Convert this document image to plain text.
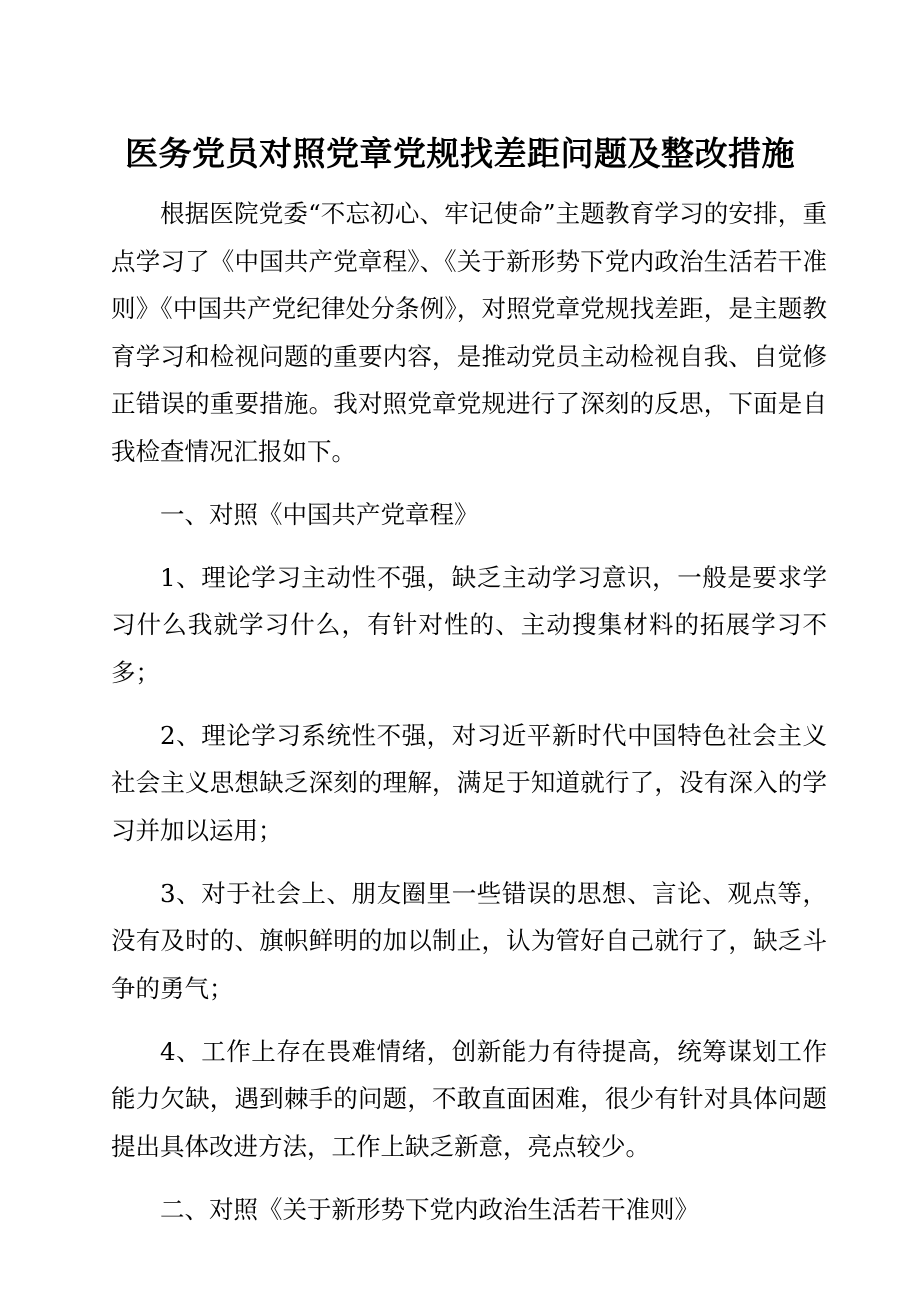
医务党员对照党章党规找差距问题及整改措施

根据医院党委“不忘初心、牢记使命”主题教育学习的安排，重点学习了《中国共产党章程》、《关于新形势下党内政治生活若干准则》《中国共产党纪律处分条例》，对照党章党规找差距，是主题教育学习和检视问题的重要内容，是推动党员主动检视自我、自觉修正错误的重要措施。我对照党章党规进行了深刻的反思，下面是自我检查情况汇报如下。

一、对照《中国共产党章程》

1、理论学习主动性不强，缺乏主动学习意识，一般是要求学习什么我就学习什么，有针对性的、主动搜集材料的拓展学习不多；

2、理论学习系统性不强，对习近平新时代中国特色社会主义社会主义思想缺乏深刻的理解，满足于知道就行了，没有深入的学习并加以运用；

3、对于社会上、朋友圈里一些错误的思想、言论、观点等，没有及时的、旗帜鲜明的加以制止，认为管好自己就行了，缺乏斗争的勇气；

4、工作上存在畏难情绪，创新能力有待提高，统筹谋划工作能力欠缺，遇到棘手的问题，不敢直面困难，很少有针对具体问题提出具体改进方法，工作上缺乏新意，亮点较少。

二、对照《关于新形势下党内政治生活若干准则》
